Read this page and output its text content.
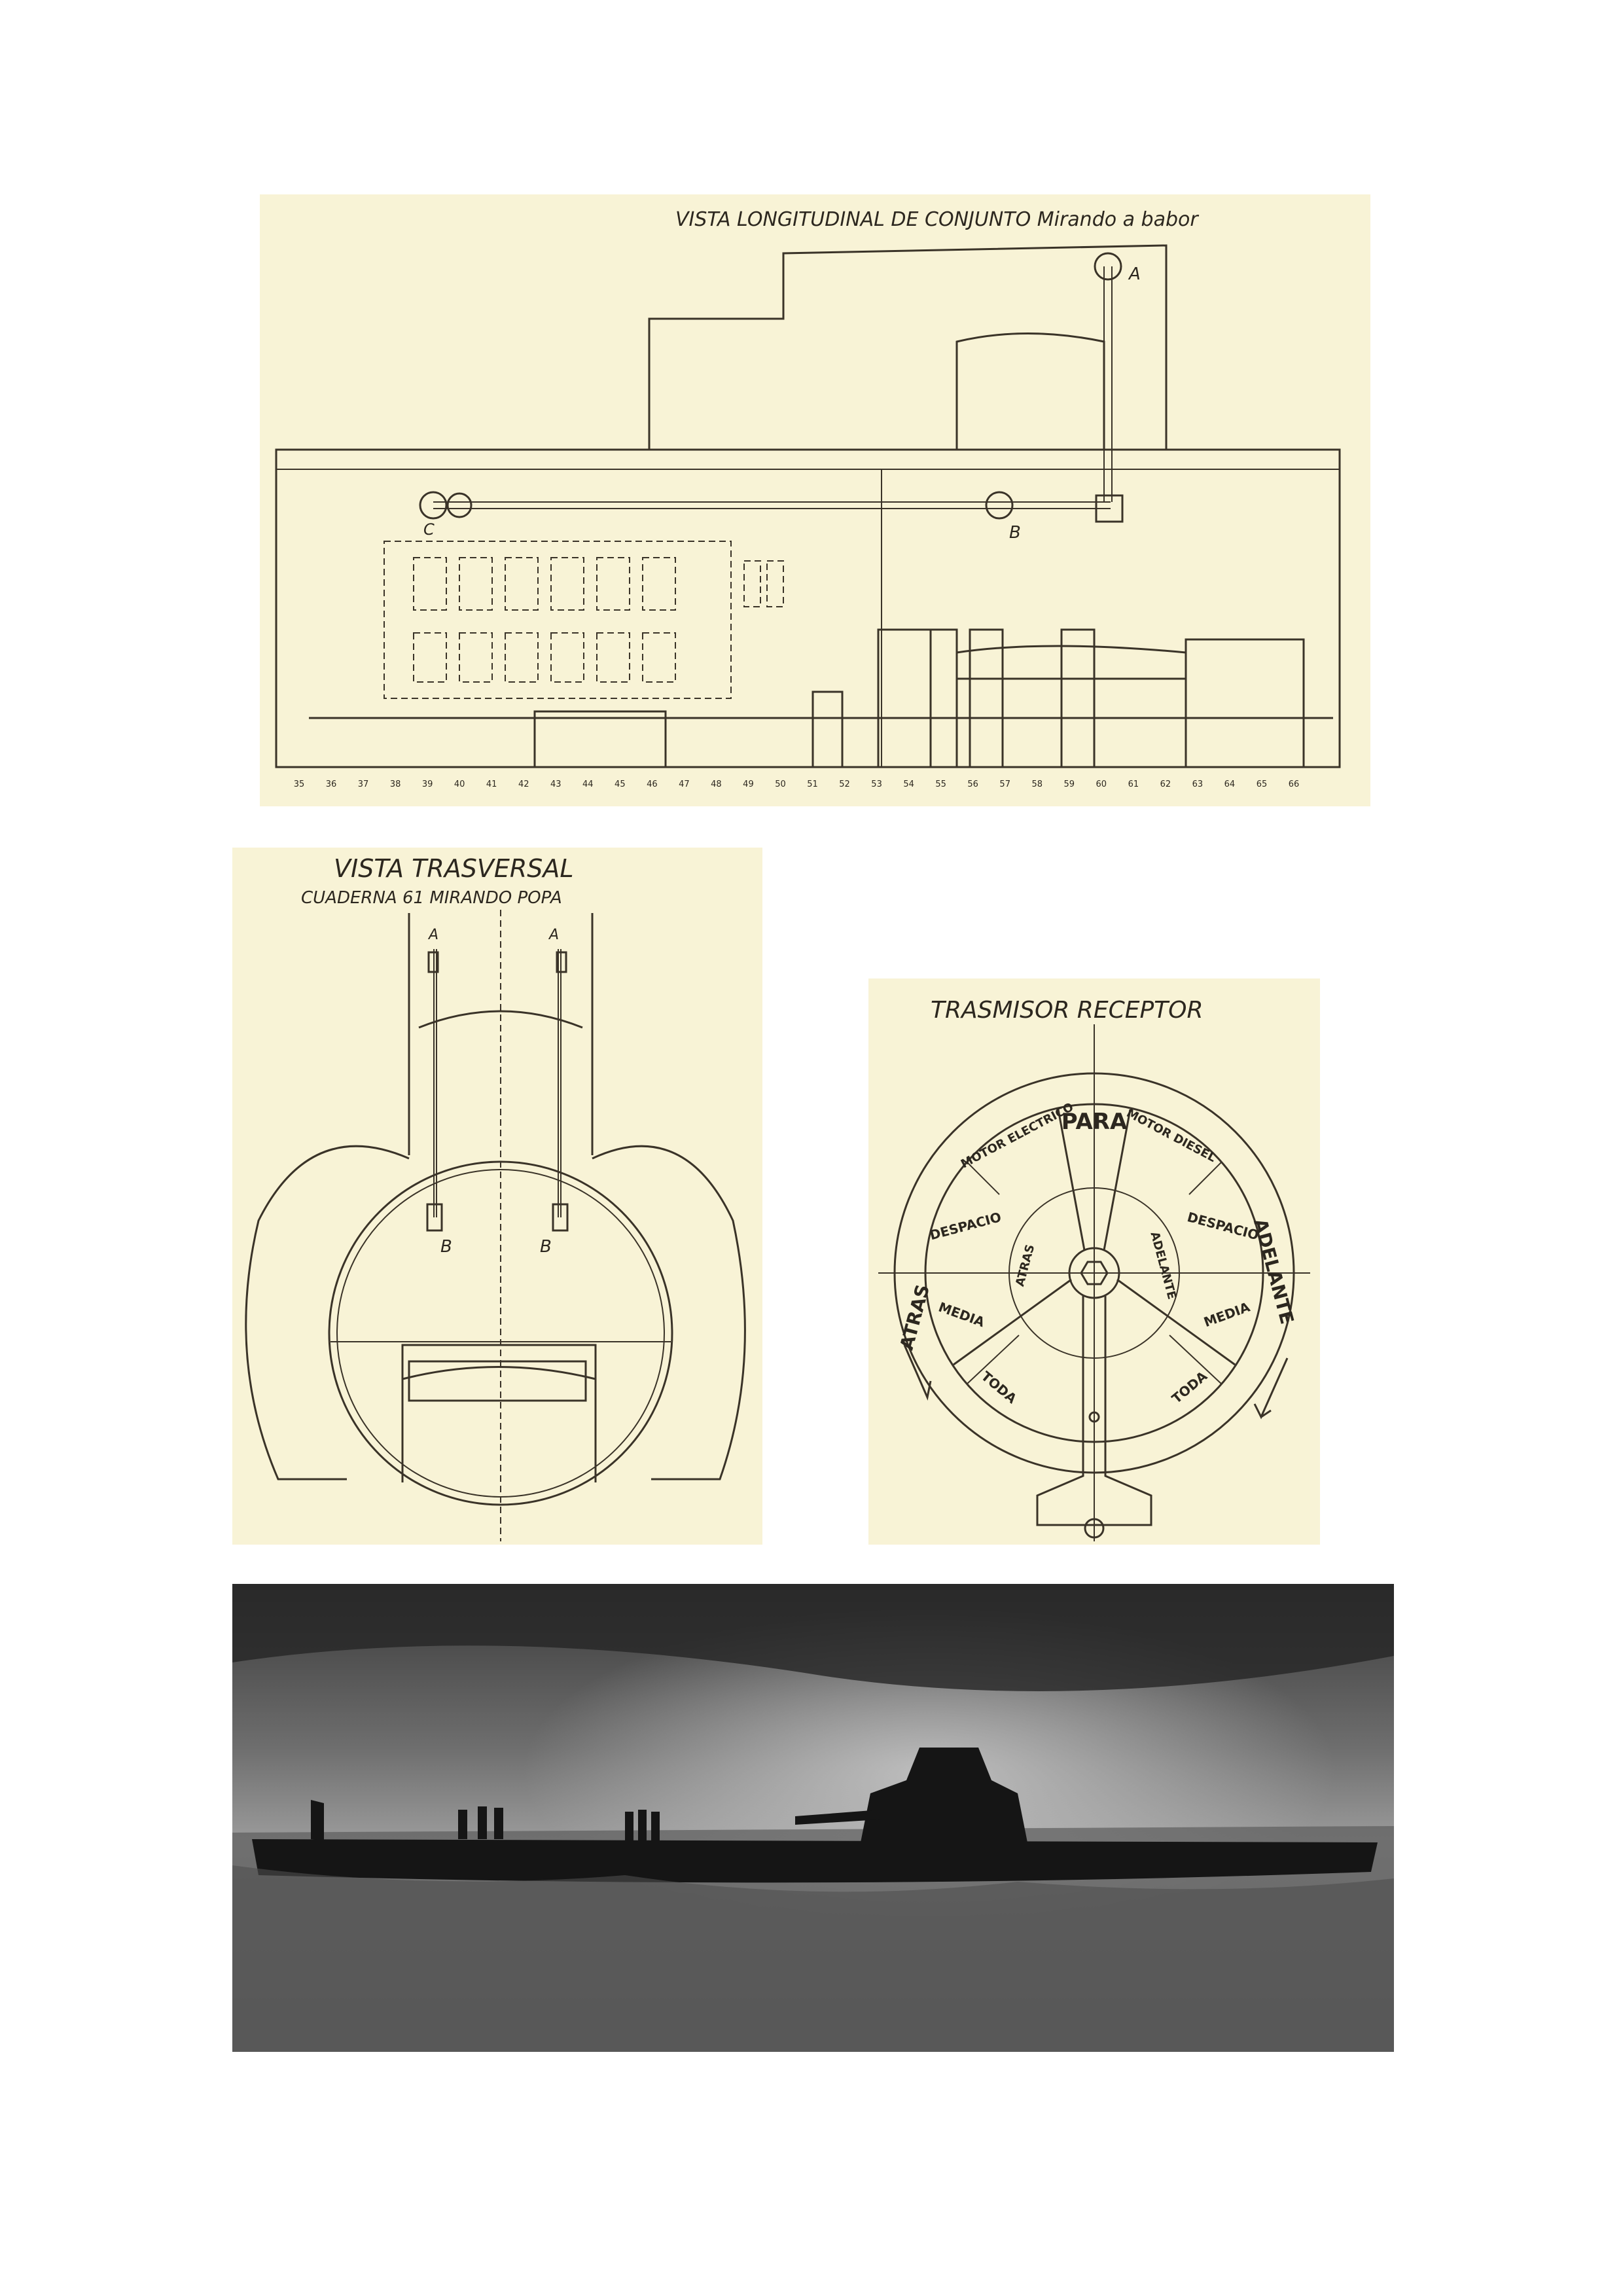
VISTA LONGITUDINAL DE CONJUNTO Mirando a babor
A
C	B
35 36 37 38 39 40 41 42 43 44 45 46 47 48 49 50 51 52 53 54 55 56 57 58 59 60 61 62 63 64 65 66
VISTA TRASVERSAL
CUADERNA 61 MIRANDO POPA
A	A
B	B
TRASMISOR RECEPTOR
PARA
MOTOR ELECTRICO	MOTOR DIESEL
DESPACIO
ATRAS
MEDIA
TODA
DESPACIO
ADELANTE
MEDIA
TODA
ATRAS	ADELANTE
